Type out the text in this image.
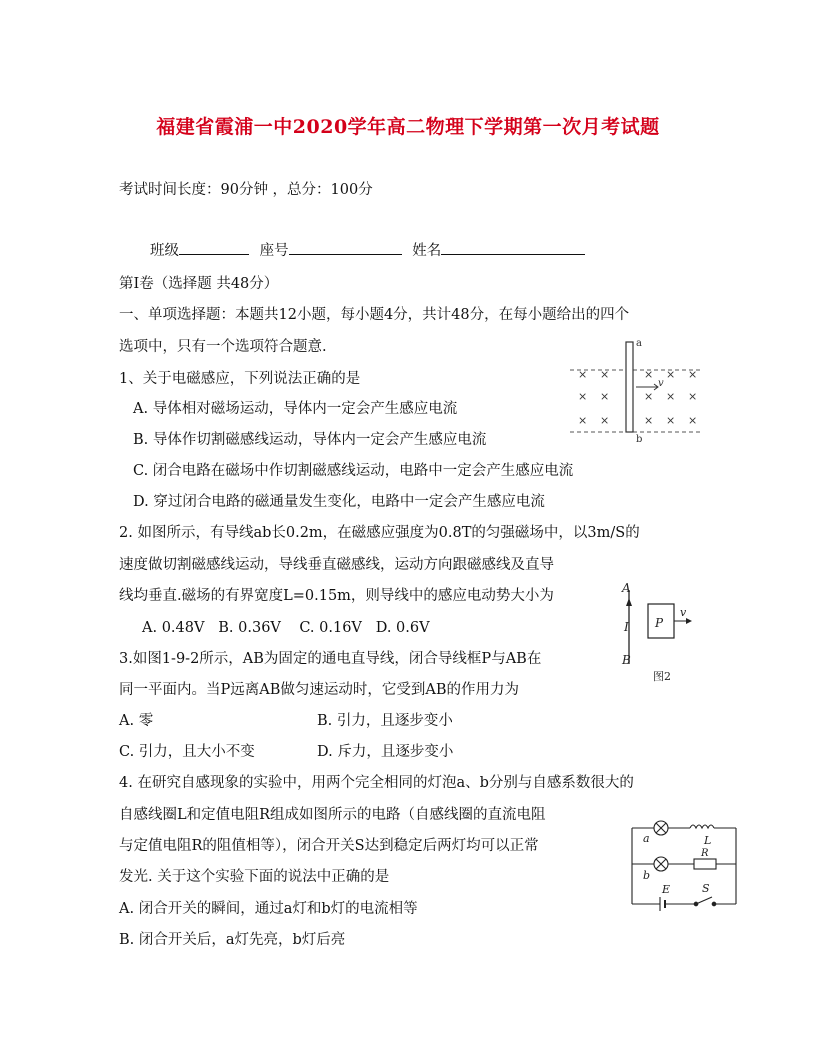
福建省霞浦一中2020学年高二物理下学期第一次月考试题
考试时间长度：90分钟 ，总分：100分
班级	座号	姓名
第Ⅰ卷（选择题 共48分）
一、单项选择题：本题共12小题，每小题4分，共计48分，在每小题给出的四个
选项中，只有一个选项符合题意.
1、关于电磁感应，下列说法正确的是
A. 导体相对磁场运动，导体内一定会产生感应电流
B. 导体作切割磁感线运动，导体内一定会产生感应电流
C. 闭合电路在磁场中作切割磁感线运动，电路中一定会产生感应电流
D. 穿过闭合电路的磁通量发生变化，电路中一定会产生感应电流
× ×	× × ×
× ×	× × ×
× ×	× × ×
a
b
v
2. 如图所示，有导线ab长0.2m，在磁感应强度为0.8T的匀强磁场中，以3m/S的
速度做切割磁感线运动，导线垂直磁感线，运动方向跟磁感线及直导
线均垂直.磁场的有界宽度L=0.15m，则导线中的感应电动势大小为
A. 0.48V   B. 0.36V    C. 0.16V   D. 0.6V
3.如图1-9-2所示，AB为固定的通电直导线，闭合导线框P与AB在
同一平面内。当P远离AB做匀速运动时，它受到AB的作用力为
A. 零	B. 引力，且逐步变小
C. 引力，且大小不变	D. 斥力，且逐步变小
A
B
I P
v
图2
4. 在研究自感现象的实验中，用两个完全相同的灯泡a、b分别与自感系数很大的
自感线圈L和定值电阻R组成如图所示的电路（自感线圈的直流电阻
与定值电阻R的阻值相等），闭合开关S达到稳定后两灯均可以正常
发光. 关于这个实验下面的说法中正确的是
A. 闭合开关的瞬间，通过a灯和b灯的电流相等
B. 闭合开关后，a灯先亮，b灯后亮
a	L
b
R
E	S
